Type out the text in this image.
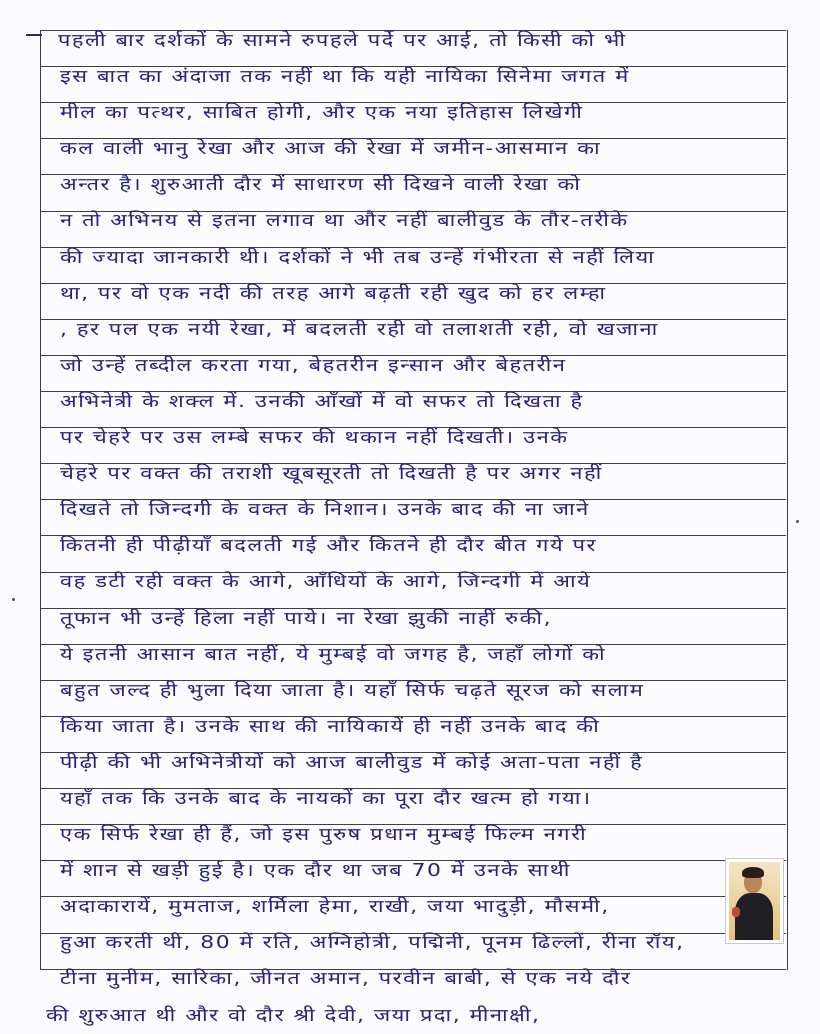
पहली बार दर्शकों के सामने रुपहले पर्दे पर आई, तो किसी को भी
इस बात का अंदाजा तक नहीं था कि यही नायिका सिनेमा जगत में
मील का पत्थर, साबित होगी, और एक नया इतिहास लिखेगी
कल वाली भानु रेखा और आज की रेखा में जमीन-आसमान का
अन्तर है। शुरुआती दौर में साधारण सी दिखने वाली रेखा को
न तो अभिनय से इतना लगाव था और नहीं बालीवुड के तौर-तरीके
की ज्यादा जानकारी थी। दर्शकों ने भी तब उन्हें गंभीरता से नहीं लिया
था, पर वो एक नदी की तरह आगे बढ़ती रही खुद को हर लम्हा
, हर पल एक नयी रेखा, में बदलती रही वो तलाशती रही, वो खजाना
जो उन्हें तब्दील करता गया, बेहतरीन इन्सान और बेहतरीन
अभिनेत्री के शक्ल में. उनकी आँखों में वो सफर तो दिखता है
पर चेहरे पर उस लम्बे सफर की थकान नहीं दिखती। उनके
चेहरे पर वक्त की तराशी खूबसूरती तो दिखती है पर अगर नहीं
दिखते तो जिन्दगी के वक्त के निशान। उनके बाद की ना जाने
कितनी ही पीढ़ीयाँ बदलती गई और कितने ही दौर बीत गये पर
वह डटी रही वक्त के आगे, आँधियों के आगे, जिन्दगी में आये
तूफान भी उन्हें हिला नहीं पाये। ना रेखा झुकी नाहीं रुकी,
ये इतनी आसान बात नहीं, ये मुम्बई वो जगह है, जहाँ लोगों को
बहुत जल्द ही भुला दिया जाता है। यहाँ सिर्फ चढ़ते सूरज को सलाम
किया जाता है। उनके साथ की नायिकायें ही नहीं उनके बाद की
पीढ़ी की भी अभिनेत्रीयों को आज बालीवुड में कोई अता-पता नहीं है
यहाँ तक कि उनके बाद के नायकों का पूरा दौर खत्म हो गया।
एक सिर्फ रेखा ही हैं, जो इस पुरुष प्रधान मुम्बई फिल्म नगरी
में शान से खड़ी हुई है। एक दौर था जब 70 में उनके साथी
अदाकारायें, मुमताज, शर्मिला हेमा, राखी, जया भादुड़ी, मौसमी,
हुआ करती थी, 80 में रति, अग्निहोत्री, पद्मिनी, पूनम ढिल्लों, रीना रॉय,
टीना मुनीम, सारिका, जीनत अमान, परवीन बाबी, से एक नये दौर
की शुरुआत थी और वो दौर श्री देवी, जया प्रदा, मीनाक्षी,
